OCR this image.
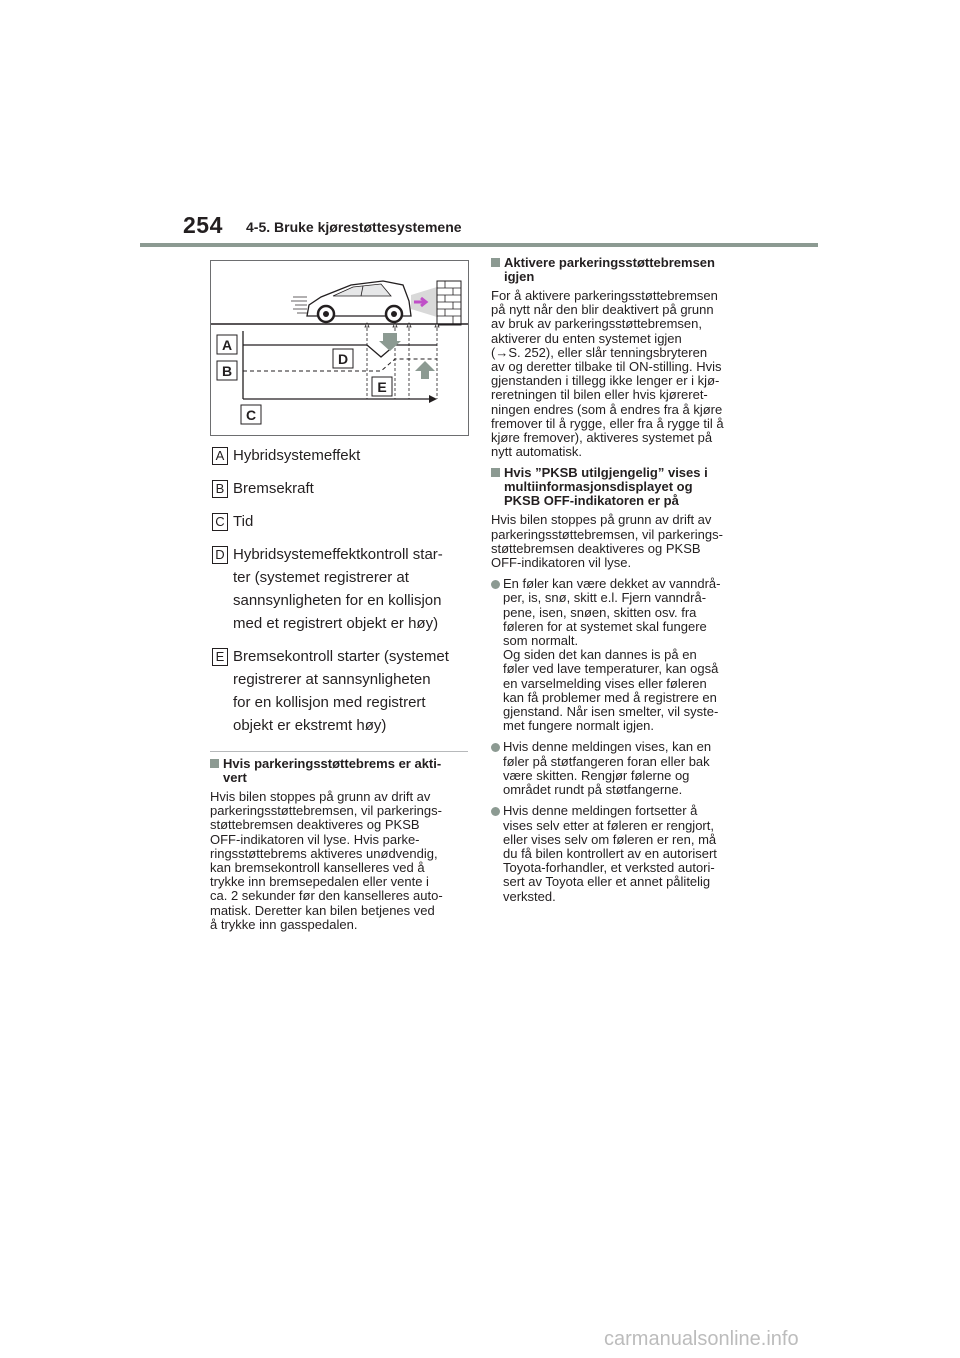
254 4-5. Bruke kjørestøttesystemene
A
B
D
E
C
A Hybridsystemeffekt
B Bremsekraft
C Tid
D Hybridsystemeffektkontroll star-
ter (systemet registrerer at
sannsynligheten for en kollisjon
med et registrert objekt er høy)
E Bremsekontroll starter (systemet
registrerer at sannsynligheten
for en kollisjon med registrert
objekt er ekstremt høy)
Hvis parkeringsstøttebrems er akti-
vert

Hvis bilen stoppes på grunn av drift av
parkeringsstøttebremsen, vil parkerings-
støttebremsen deaktiveres og PKSB
OFF-indikatoren vil lyse. Hvis parke-
ringsstøttebrems aktiveres unødvendig,
kan bremsekontroll kanselleres ved å
trykke inn bremsepedalen eller vente i
ca. 2 sekunder før den kanselleres auto-
matisk. Deretter kan bilen betjenes ved
å trykke inn gasspedalen.

Aktivere parkeringsstøttebremsen
igjen

For å aktivere parkeringsstøttebremsen
på nytt når den blir deaktivert på grunn
av bruk av parkeringsstøttebremsen,
aktiverer du enten systemet igjen
(→S. 252), eller slår tenningsbryteren
av og deretter tilbake til ON-stilling. Hvis
gjenstanden i tillegg ikke lenger er i kjø-
reretningen til bilen eller hvis kjøreret-
ningen endres (som å endres fra å kjøre
fremover til å rygge, eller fra å rygge til å
kjøre fremover), aktiveres systemet på
nytt automatisk.

Hvis ”PKSB utilgjengelig” vises i
multiinformasjonsdisplayet og
PKSB OFF-indikatoren er på

Hvis bilen stoppes på grunn av drift av
parkeringsstøttebremsen, vil parkerings-
støttebremsen deaktiveres og PKSB
OFF-indikatoren vil lyse.

En føler kan være dekket av vanndrå-
per, is, snø, skitt e.l. Fjern vanndrå-
pene, isen, snøen, skitten osv. fra
føleren for at systemet skal fungere
som normalt.
Og siden det kan dannes is på en
føler ved lave temperaturer, kan også
en varselmelding vises eller føleren
kan få problemer med å registrere en
gjenstand. Når isen smelter, vil syste-
met fungere normalt igjen.

Hvis denne meldingen vises, kan en
føler på støtfangeren foran eller bak
være skitten. Rengjør følerne og
området rundt på støtfangerne.

Hvis denne meldingen fortsetter å
vises selv etter at føleren er rengjort,
eller vises selv om føleren er ren, må
du få bilen kontrollert av en autorisert
Toyota-forhandler, et verksted autori-
sert av Toyota eller et annet pålitelig
verksted.

carmanualsonline.info
